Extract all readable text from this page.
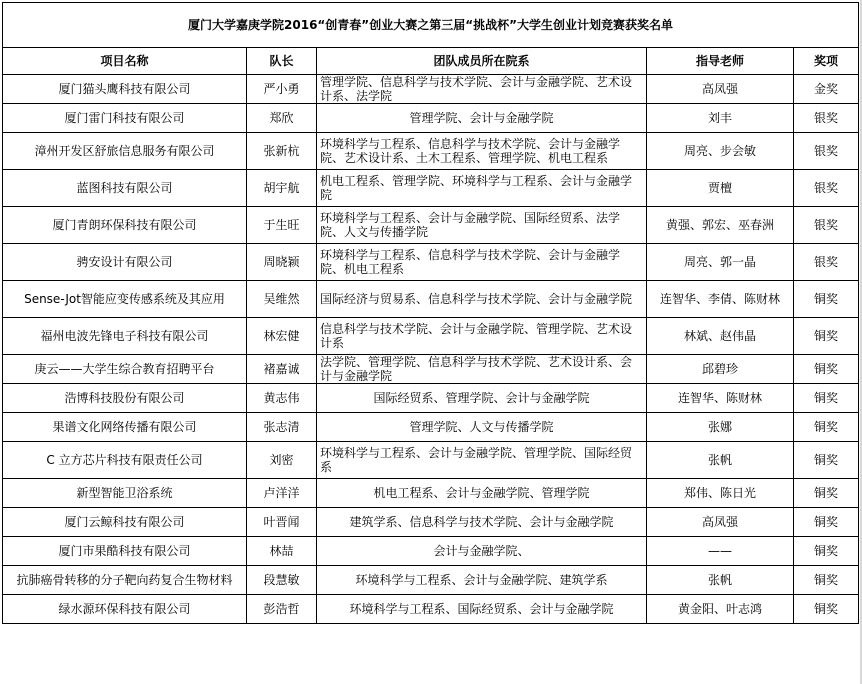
厦门大学嘉庚学院2016“创青春”创业大赛之第三届“挑战杯”大学生创业计划竞赛获奖名单				
项目名称	队长	团队成员所在院系	指导老师	奖项
厦门猫头鹰科技有限公司	严小勇	管理学院、信息科学与技术学院、会计与金融学院、艺术设计系、法学院	高凤强	金奖
厦门雷门科技有限公司	郑欣	管理学院、会计与金融学院	刘丰	银奖
漳州开发区舒旅信息服务有限公司	张新杭	环境科学与工程系、信息科学与技术学院、会计与金融学院、艺术设计系、土木工程系、管理学院、机电工程系	周亮、步会敏	银奖
蓝图科技有限公司	胡宇航	机电工程系、管理学院、环境科学与工程系、会计与金融学院	贾檀	银奖
厦门青朗环保科技有限公司	于生旺	环境科学与工程系、会计与金融学院、国际经贸系、法学院、人文与传播学院	黄强、郭宏、巫春洲	银奖
骋安设计有限公司	周晓颖	环境科学与工程系、信息科学与技术学院、会计与金融学院、机电工程系	周亮、郭一晶	银奖
Sense-Jot智能应变传感系统及其应用	吴维然	国际经济与贸易系、信息科学与技术学院、会计与金融学院	连智华、李倩、陈财林	铜奖
福州电波先锋电子科技有限公司	林宏健	信息科学与技术学院、会计与金融学院、管理学院、艺术设计系	林斌、赵伟晶	铜奖
庚云——大学生综合教育招聘平台	褚嘉诚	法学院、管理学院、信息科学与技术学院、艺术设计系、会计与金融学院	邱碧珍	铜奖
浩博科技股份有限公司	黄志伟	国际经贸系、管理学院、会计与金融学院	连智华、陈财林	铜奖
果谱文化网络传播有限公司	张志清	管理学院、人文与传播学院	张娜	铜奖
C 立方芯片科技有限责任公司	刘密	环境科学与工程系、会计与金融学院、管理学院、国际经贸系	张帆	铜奖
新型智能卫浴系统	卢洋洋	机电工程系、会计与金融学院、管理学院	郑伟、陈日光	铜奖
厦门云鲸科技有限公司	叶晋闻	建筑学系、信息科学与技术学院、会计与金融学院	高凤强	铜奖
厦门市果酷科技有限公司	林喆	会计与金融学院、	——	铜奖
抗肺癌骨转移的分子靶向药复合生物材料	段慧敏	环境科学与工程系、会计与金融学院、建筑学系	张帆	铜奖
绿水源环保科技有限公司	彭浩哲	环境科学与工程系、国际经贸系、会计与金融学院	黄金阳、叶志鸿	铜奖
